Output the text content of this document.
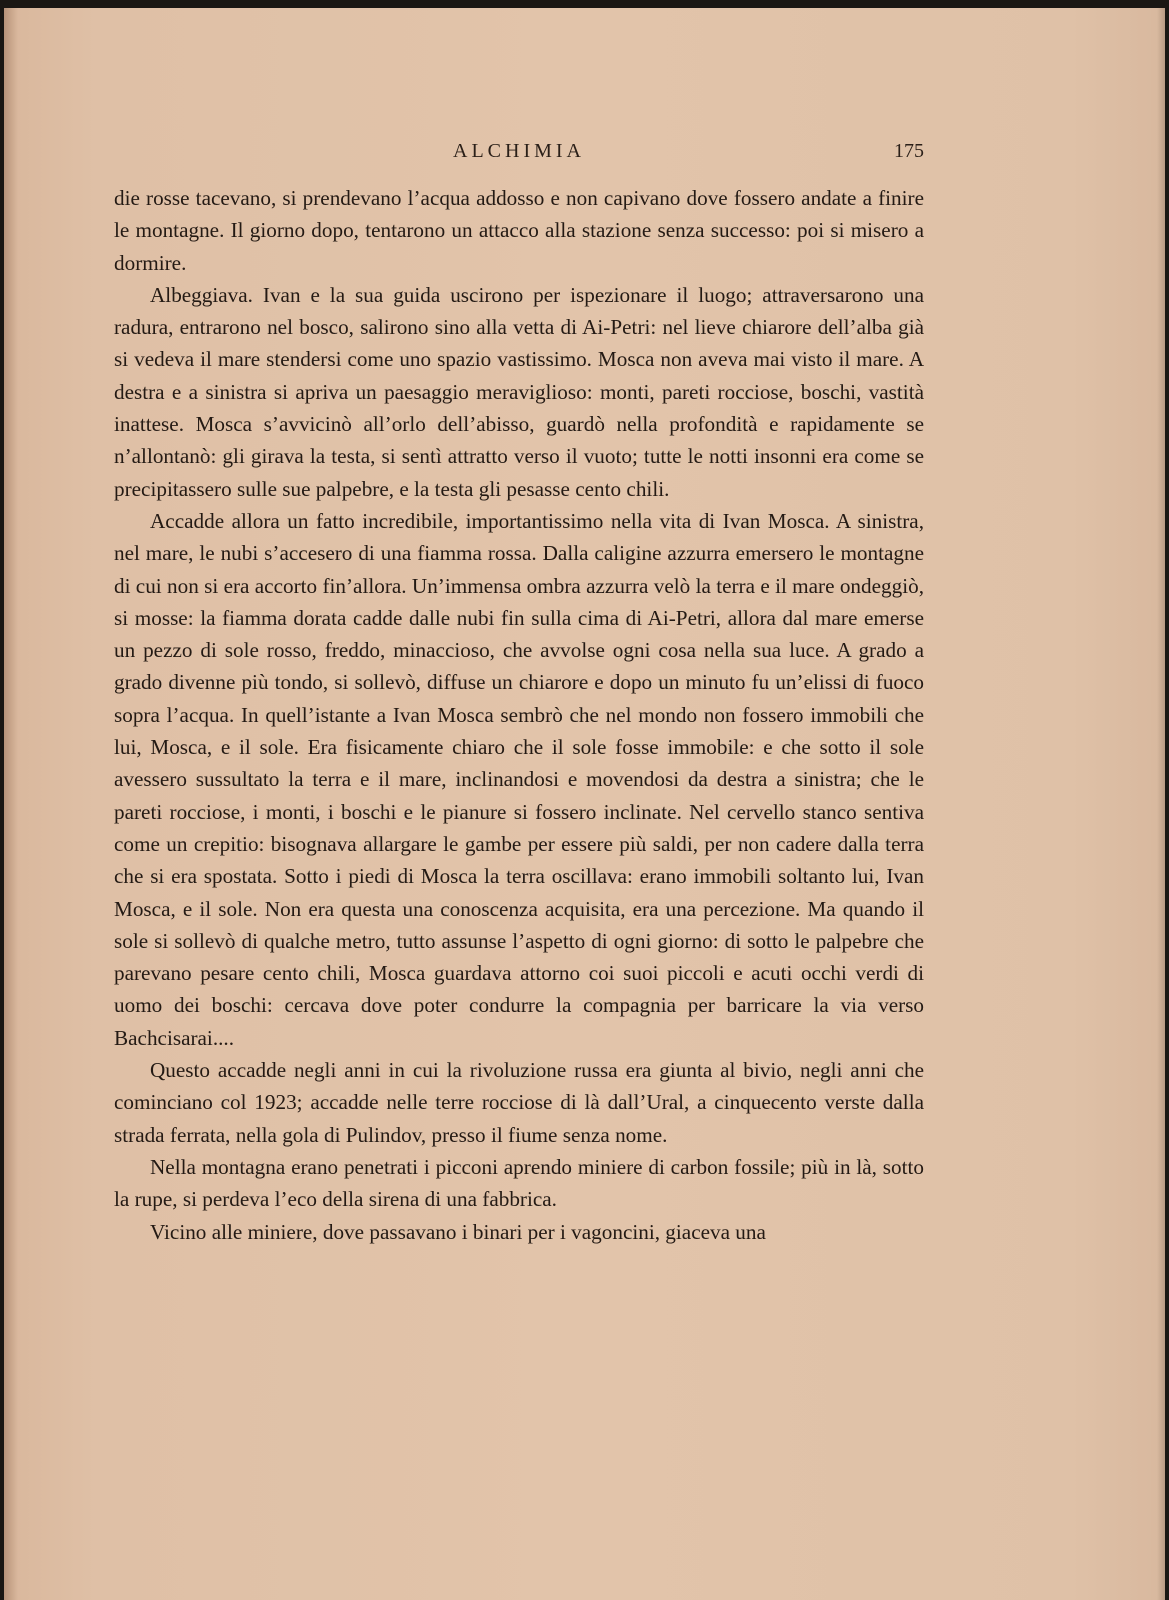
ALCHIMIA	175

die rosse tacevano, si prendevano l’acqua addosso e non capivano dove fossero andate a finire le montagne. Il giorno dopo, tentarono un attacco alla stazione senza successo: poi si misero a dormire.

Albeggiava. Ivan e la sua guida uscirono per ispezionare il luogo; attraversarono una radura, entrarono nel bosco, salirono sino alla vetta di Ai-Petri: nel lieve chiarore dell’alba già si vedeva il mare stendersi come uno spazio vastissimo. Mosca non aveva mai visto il mare. A destra e a sinistra si apriva un paesaggio meraviglioso: monti, pareti rocciose, boschi, vastità inattese. Mosca s’avvicinò all’orlo dell’abisso, guardò nella profondità e rapidamente se n’allontanò: gli girava la testa, si sentì attratto verso il vuoto; tutte le notti insonni era come se precipitassero sulle sue palpebre, e la testa gli pesasse cento chili.

Accadde allora un fatto incredibile, importantissimo nella vita di Ivan Mosca. A sinistra, nel mare, le nubi s’accesero di una fiamma rossa. Dalla caligine azzurra emersero le montagne di cui non si era accorto fin’allora. Un’immensa ombra azzurra velò la terra e il mare ondeggiò, si mosse: la fiamma dorata cadde dalle nubi fin sulla cima di Ai-Petri, allora dal mare emerse un pezzo di sole rosso, freddo, minaccioso, che avvolse ogni cosa nella sua luce. A grado a grado divenne più tondo, si sollevò, diffuse un chiarore e dopo un minuto fu un’elissi di fuoco sopra l’acqua. In quell’istante a Ivan Mosca sembrò che nel mondo non fossero immobili che lui, Mosca, e il sole. Era fisicamente chiaro che il sole fosse immobile: e che sotto il sole avessero sussultato la terra e il mare, inclinandosi e movendosi da destra a sinistra; che le pareti rocciose, i monti, i boschi e le pianure si fossero inclinate. Nel cervello stanco sentiva come un crepitio: bisognava allargare le gambe per essere più saldi, per non cadere dalla terra che si era spostata. Sotto i piedi di Mosca la terra oscillava: erano immobili soltanto lui, Ivan Mosca, e il sole. Non era questa una conoscenza acquisita, era una percezione. Ma quando il sole si sollevò di qualche metro, tutto assunse l’aspetto di ogni giorno: di sotto le palpebre che parevano pesare cento chili, Mosca guardava attorno coi suoi piccoli e acuti occhi verdi di uomo dei boschi: cercava dove poter condurre la compagnia per barricare la via verso Bachcisarai....

Questo accadde negli anni in cui la rivoluzione russa era giunta al bivio, negli anni che cominciano col 1923; accadde nelle terre rocciose di là dall’Ural, a cinquecento verste dalla strada ferrata, nella gola di Pulindov, presso il fiume senza nome.

Nella montagna erano penetrati i picconi aprendo miniere di carbon fossile; più in là, sotto la rupe, si perdeva l’eco della sirena di una fabbrica.

Vicino alle miniere, dove passavano i binari per i vagoncini, giaceva una
